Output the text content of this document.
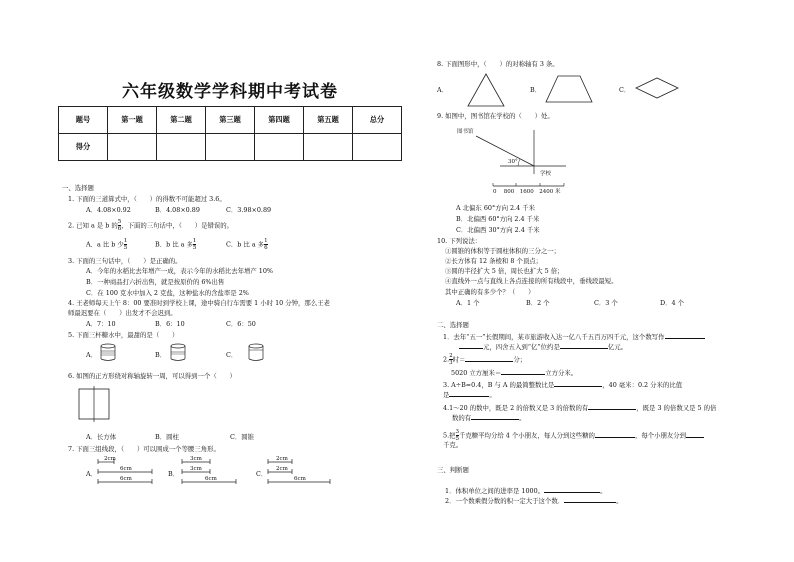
六年级数学学科期中考试卷
题号	第一题	第二题	第三题	第四题	第五题	总分
得分						
一、选择题
1. 下面的三道算式中，（　　）的得数不可能超过 3.6。
A．4.08×0.92	B．4.08×0.89	C．3.98×0.89
2. 已知 a 是 b 的 $\frac{5}{6}$ ，下面的三句话中，（　　）是错误的。
A．a 比 b 少 $\frac{1}{5}$	B．b 比 a 多 $\frac{1}{5}$	C．b 比 a 多 $\frac{1}{6}$
3. 下面的三句话中，（　　）是正确的。
A．今年的水稻比去年增产一成，表示今年的水稻比去年增产 10%
B．一种商品打六折出售，就是按原价的 6%出售
C．在 100 克水中加入 2 克盐，这种盐水的含盐率是 2%
4. 王老师每天上午 8：00 要准时到学校上课，途中骑自行车需要 1 小时 10 分钟，那么王老
师最迟要在（　　）出发才不会迟到。
A．7：10	B．6：10	C．6：50
5. 下面三杯糖水中，最甜的是（　　）
A．	B．	C．
6. 如图的正方形绕对称轴旋转一周，可以得到一个（　　）
A．长方体	B．圆柱	C．圆锥
7. 下面三组线段，（　　）可以围成一个等腰三角形。
A．
2cm
6cm
6cm
B．
3cm
3cm
6cm
C．
2cm
2cm
6cm
8. 下面图形中，（　　）的对称轴有 3 条。
A．	B．	C．
9. 如图中，图书馆在学校的（　　）处。
图书馆
30°
学校
0　 800　1600　2400 米
A 北偏东 60°方向 2.4 千米
B．北偏西 60°方向 2.4 千米
C．北偏西 30°方向 2.4 千米
10. 下列说法：
①圆锥的体积等于圆柱体积的三分之一；
②长方体有 12 条棱和 8 个顶点；
③圆的半径扩大 5 倍，周长也扩大 5 倍；
④直线外一点与直线上各点连接的所有线段中，垂线段最短。
其中正确的有多少个？（　　）
A．1 个	B．2 个	C．3 个	D．4 个
二、选择题
1．去年“五一”长假期间，某市旅游收入达一亿八千五百万四千元，这个数写作
元，四舍五入到“亿”位约是	亿元。
2. $\frac{2}{3}$ 时＝	分；
5020 立方厘米＝	立方分米。
3. A÷B=0.4，B 与 A 的最简整数比是	，40 毫米：0.2 分米的比值
是	。
4.1～20 的数中，既是 2 的倍数又是 3 的倍数的有	，既是 3 的倍数又是 5 的倍
数的有	。
5.把 $\frac{3}{5}$ 千克糖平均分给 4 个小朋友，每人分到这些糖的	，每个小朋友分到
千克。
三、判断题
1．体积单位之间的进率是 1000。	。
2．一个数乘假分数的积一定大于这个数．	。
